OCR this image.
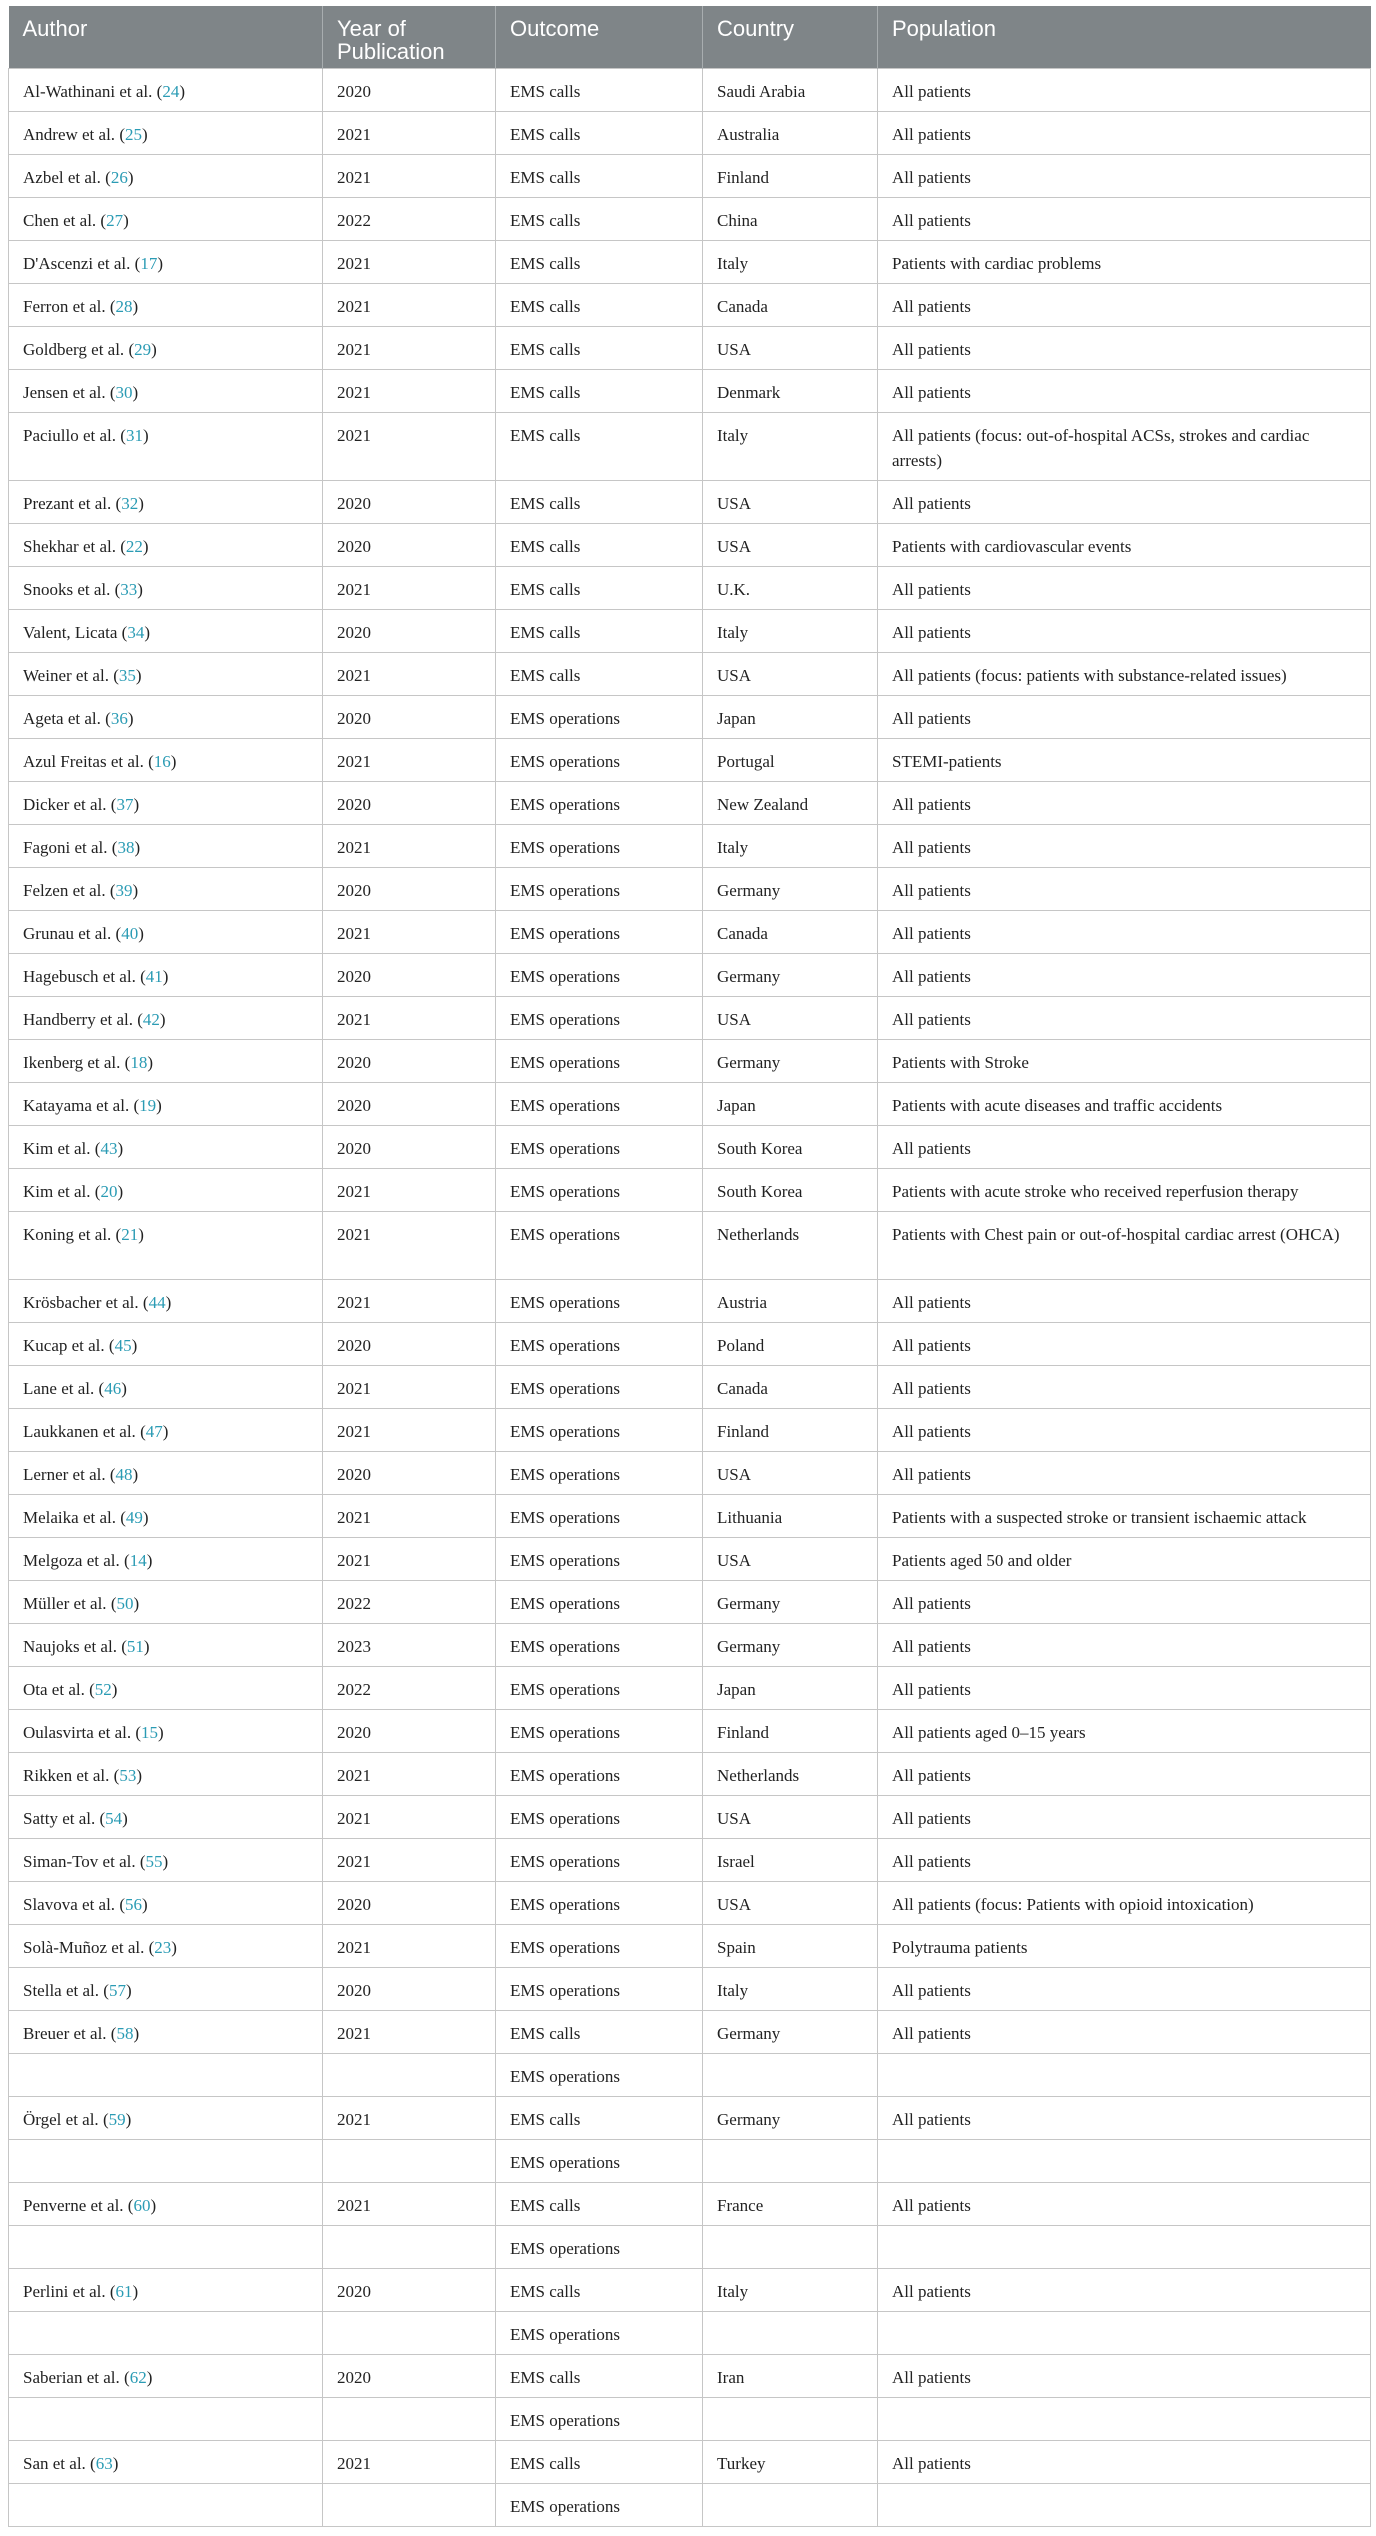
Author	Year of Publication	Outcome	Country	Population
Al-Wathinani et al. (24)	2020	EMS calls	Saudi Arabia	All patients
Andrew et al. (25)	2021	EMS calls	Australia	All patients
Azbel et al. (26)	2021	EMS calls	Finland	All patients
Chen et al. (27)	2022	EMS calls	China	All patients
D'Ascenzi et al. (17)	2021	EMS calls	Italy	Patients with cardiac problems
Ferron et al. (28)	2021	EMS calls	Canada	All patients
Goldberg et al. (29)	2021	EMS calls	USA	All patients
Jensen et al. (30)	2021	EMS calls	Denmark	All patients
Paciullo et al. (31)	2021	EMS calls	Italy	All patients (focus: out-of-hospital ACSs, strokes and cardiac arrests)
Prezant et al. (32)	2020	EMS calls	USA	All patients
Shekhar et al. (22)	2020	EMS calls	USA	Patients with cardiovascular events
Snooks et al. (33)	2021	EMS calls	U.K.	All patients
Valent, Licata (34)	2020	EMS calls	Italy	All patients
Weiner et al. (35)	2021	EMS calls	USA	All patients (focus: patients with substance-related issues)
Ageta et al. (36)	2020	EMS operations	Japan	All patients
Azul Freitas et al. (16)	2021	EMS operations	Portugal	STEMI-patients
Dicker et al. (37)	2020	EMS operations	New Zealand	All patients
Fagoni et al. (38)	2021	EMS operations	Italy	All patients
Felzen et al. (39)	2020	EMS operations	Germany	All patients
Grunau et al. (40)	2021	EMS operations	Canada	All patients
Hagebusch et al. (41)	2020	EMS operations	Germany	All patients
Handberry et al. (42)	2021	EMS operations	USA	All patients
Ikenberg et al. (18)	2020	EMS operations	Germany	Patients with Stroke
Katayama et al. (19)	2020	EMS operations	Japan	Patients with acute diseases and traffic accidents
Kim et al. (43)	2020	EMS operations	South Korea	All patients
Kim et al. (20)	2021	EMS operations	South Korea	Patients with acute stroke who received reperfusion therapy
Koning et al. (21)	2021	EMS operations	Netherlands	Patients with Chest pain or out-of-hospital cardiac arrest (OHCA)
Krösbacher et al. (44)	2021	EMS operations	Austria	All patients
Kucap et al. (45)	2020	EMS operations	Poland	All patients
Lane et al. (46)	2021	EMS operations	Canada	All patients
Laukkanen et al. (47)	2021	EMS operations	Finland	All patients
Lerner et al. (48)	2020	EMS operations	USA	All patients
Melaika et al. (49)	2021	EMS operations	Lithuania	Patients with a suspected stroke or transient ischaemic attack
Melgoza et al. (14)	2021	EMS operations	USA	Patients aged 50 and older
Müller et al. (50)	2022	EMS operations	Germany	All patients
Naujoks et al. (51)	2023	EMS operations	Germany	All patients
Ota et al. (52)	2022	EMS operations	Japan	All patients
Oulasvirta et al. (15)	2020	EMS operations	Finland	All patients aged 0–15 years
Rikken et al. (53)	2021	EMS operations	Netherlands	All patients
Satty et al. (54)	2021	EMS operations	USA	All patients
Siman-Tov et al. (55)	2021	EMS operations	Israel	All patients
Slavova et al. (56)	2020	EMS operations	USA	All patients (focus: Patients with opioid intoxication)
Solà-Muñoz et al. (23)	2021	EMS operations	Spain	Polytrauma patients
Stella et al. (57)	2020	EMS operations	Italy	All patients
Breuer et al. (58)	2021	EMS calls	Germany	All patients
		EMS operations		
Örgel et al. (59)	2021	EMS calls	Germany	All patients
		EMS operations		
Penverne et al. (60)	2021	EMS calls	France	All patients
		EMS operations		
Perlini et al. (61)	2020	EMS calls	Italy	All patients
		EMS operations		
Saberian et al. (62)	2020	EMS calls	Iran	All patients
		EMS operations		
San et al. (63)	2021	EMS calls	Turkey	All patients
		EMS operations		
